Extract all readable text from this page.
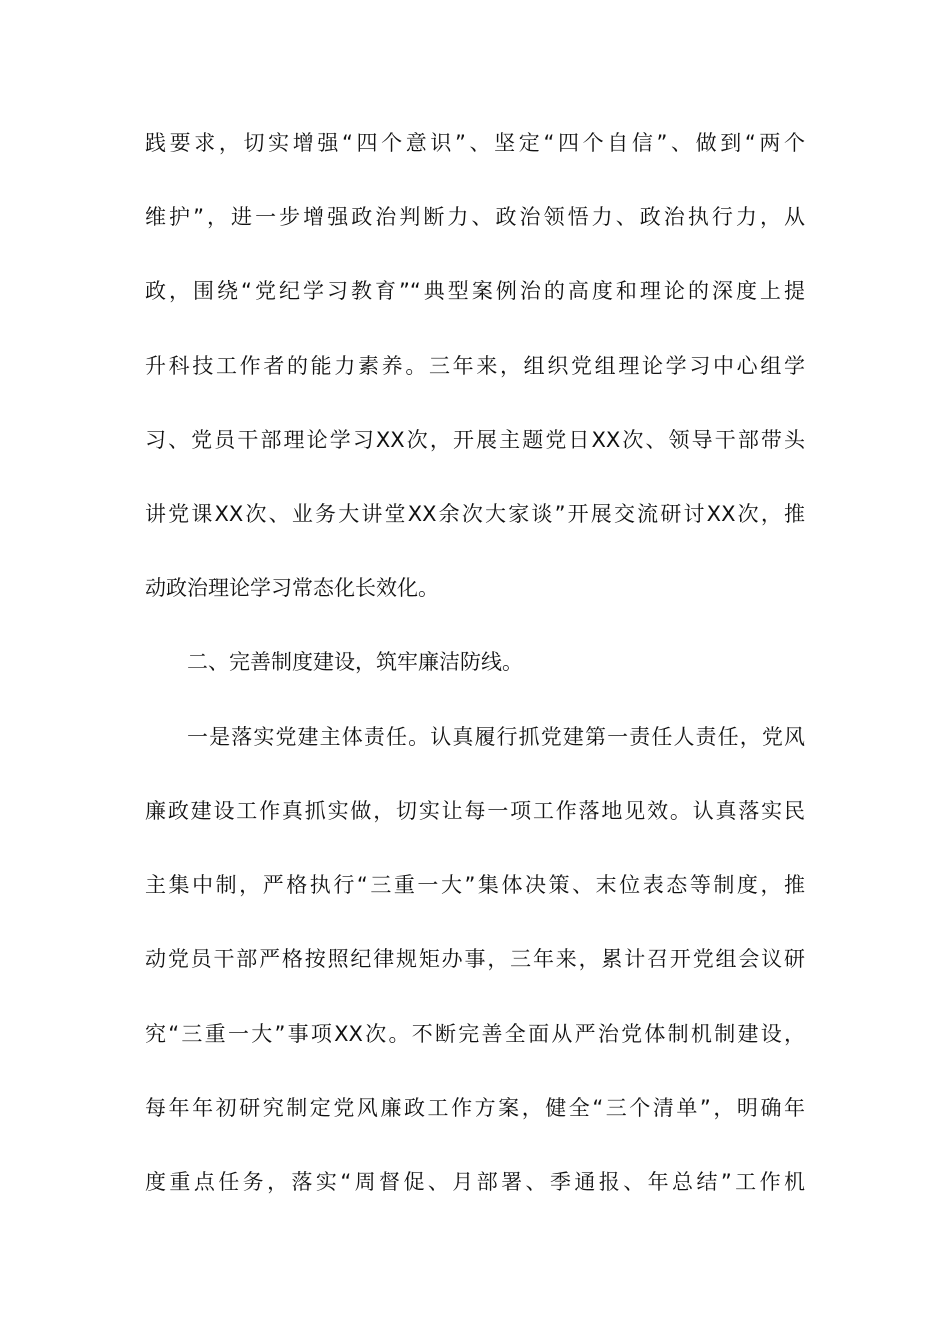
践要求，切实增强“四个意识”、坚定“四个自信”、做到“两个
维护”，进一步增强政治判断力、政治领悟力、政治执行力，从
政，围绕“党纪学习教育”“典型案例治的高度和理论的深度上提
升科技工作者的能力素养。三年来，组织党组理论学习中心组学
习、党员干部理论学习XX次，开展主题党日XX次、领导干部带头
讲党课XX次、业务大讲堂XX余次大家谈”开展交流研讨XX次，推
动政治理论学习常态化长效化。
二、完善制度建设，筑牢廉洁防线。
一是落实党建主体责任。认真履行抓党建第一责任人责任，党风
廉政建设工作真抓实做，切实让每一项工作落地见效。认真落实民
主集中制，严格执行“三重一大”集体决策、末位表态等制度，推
动党员干部严格按照纪律规矩办事，三年来，累计召开党组会议研
究“三重一大”事项XX次。不断完善全面从严治党体制机制建设，
每年年初研究制定党风廉政工作方案，健全“三个清单”，明确年
度重点任务，落实“周督促、月部署、季通报、年总结”工作机
